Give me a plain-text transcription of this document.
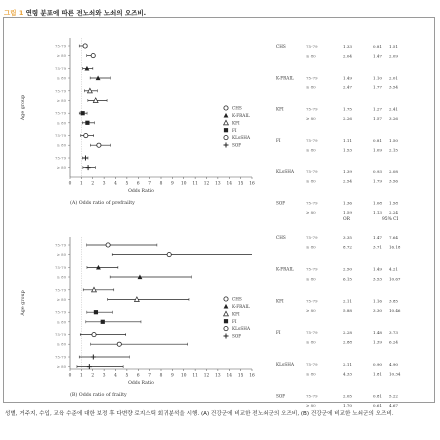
그림 1 연령 분포에 따른 전노쇠와 노쇠의 오즈비.
0 1 2 3 4 5 6 7 8 9 10 11 12 13 14 15 16
Odds Ratio
Age group
(A) Odds ratio of prefrailty
75-79
≥ 80
75-79
≥ 80
75-79
≥ 80
75-79
≥ 80
75-79
≥ 80
75-79
≥ 80
CHS
K-FRAIL
KFI
FI
KLoSHA
SOF
CHS	75-79	1.33	0.81 1.51
≥ 80	2.04	1.47 2.09
K-FRAIL	75-79	1.49	1.10 2.01
≥ 80	2.47	1.77 3.54
KFI	75-79	1.75	1.27 2.41
≥ 80	2.26	1.57 3.26
FI	75-79	1.11	0.81 1.50
≥ 80	1.53	1.09 2.15
KLoSHA	75-79	1.39	0.93 2.08
≥ 80	2.54	1.79 3.56
SOF	75-79	1.36	1.08 1.58
≥ 80	1.59	1.13 2.24
0 1 2 3 4 5 6 7 8 9 10 11 12 13 14 15 16
Odds Ratio
Age group
(B) Odds ratio of frailty
75-79
≥ 80
75-79
≥ 80
75-79
≥ 80
75-79
≥ 80
75-79
≥ 80
75-79
≥ 80
CHS
K-FRAIL
KFI
FI
KLoSHA
SOF
OR	95% CI
CHS	75-79	3.35	1.47 7.64
≥ 80	8.72	3.71 16.18
K-FRAIL	75-79	2.50	1.49 4.21
≥ 80	6.15	3.53 10.67
KFI	75-79	2.11	1.16 3.85
≥ 80	5.88	3.30 10.46
FI	75-79	2.28	1.48 3.73
≥ 80	2.88	1.39 6.24
KLoSHA	75-79	2.11	0.90 4.90
≥ 80	4.33	1.81 10.34
SOF	75-79	2.05	0.81 5.22
≥ 80	1.70	0.61 4.67
성별, 거주지, 수입, 교육 수준에 대한 보정 후 다변량 로지스틱 회귀분석을 시행. (A) 건강군에 비교한 전노쇠군의 오즈비, (B) 건강군에 비교한 노쇠군의 오즈비.
